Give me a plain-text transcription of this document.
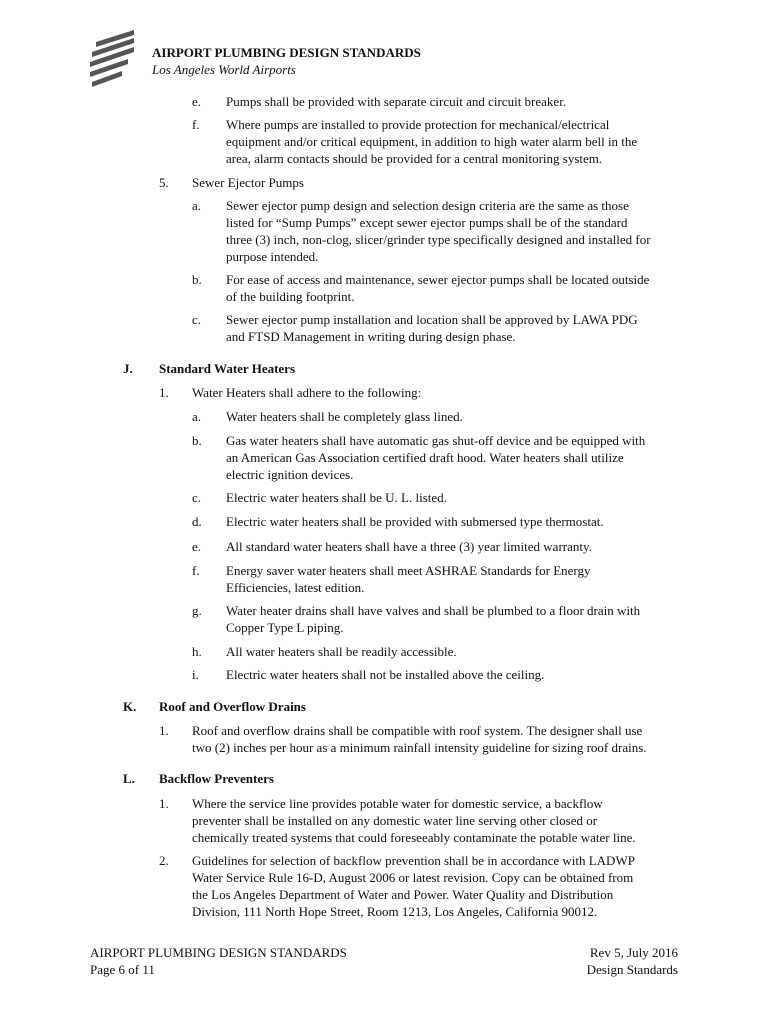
AIRPORT PLUMBING DESIGN STANDARDS
Los Angeles World Airports
e. Pumps shall be provided with separate circuit and circuit breaker.
f. Where pumps are installed to provide protection for mechanical/electrical
equipment and/or critical equipment, in addition to high water alarm bell in the
area, alarm contacts should be provided for a central monitoring system.
5. Sewer Ejector Pumps
a. Sewer ejector pump design and selection design criteria are the same as those
listed for “Sump Pumps” except sewer ejector pumps shall be of the standard
three (3) inch, non-clog, slicer/grinder type specifically designed and installed for
purpose intended.
b. For ease of access and maintenance, sewer ejector pumps shall be located outside
of the building footprint.
c. Sewer ejector pump installation and location shall be approved by LAWA PDG
and FTSD Management in writing during design phase.
J. Standard Water Heaters
1. Water Heaters shall adhere to the following:
a. Water heaters shall be completely glass lined.
b. Gas water heaters shall have automatic gas shut-off device and be equipped with
an American Gas Association certified draft hood. Water heaters shall utilize
electric ignition devices.
c. Electric water heaters shall be U. L. listed.
d. Electric water heaters shall be provided with submersed type thermostat.
e. All standard water heaters shall have a three (3) year limited warranty.
f. Energy saver water heaters shall meet ASHRAE Standards for Energy
Efficiencies, latest edition.
g. Water heater drains shall have valves and shall be plumbed to a floor drain with
Copper Type L piping.
h. All water heaters shall be readily accessible.
i. Electric water heaters shall not be installed above the ceiling.
K. Roof and Overflow Drains
1. Roof and overflow drains shall be compatible with roof system. The designer shall use
two (2) inches per hour as a minimum rainfall intensity guideline for sizing roof drains.
L. Backflow Preventers
1. Where the service line provides potable water for domestic service, a backflow
preventer shall be installed on any domestic water line serving other closed or
chemically treated systems that could foreseeably contaminate the potable water line.
2. Guidelines for selection of backflow prevention shall be in accordance with LADWP
Water Service Rule 16-D, August 2006 or latest revision. Copy can be obtained from
the Los Angeles Department of Water and Power. Water Quality and Distribution
Division, 111 North Hope Street, Room 1213, Los Angeles, California 90012.
AIRPORT PLUMBING DESIGN STANDARDS
Page 6 of 11
Rev 5, July 2016
Design Standards
